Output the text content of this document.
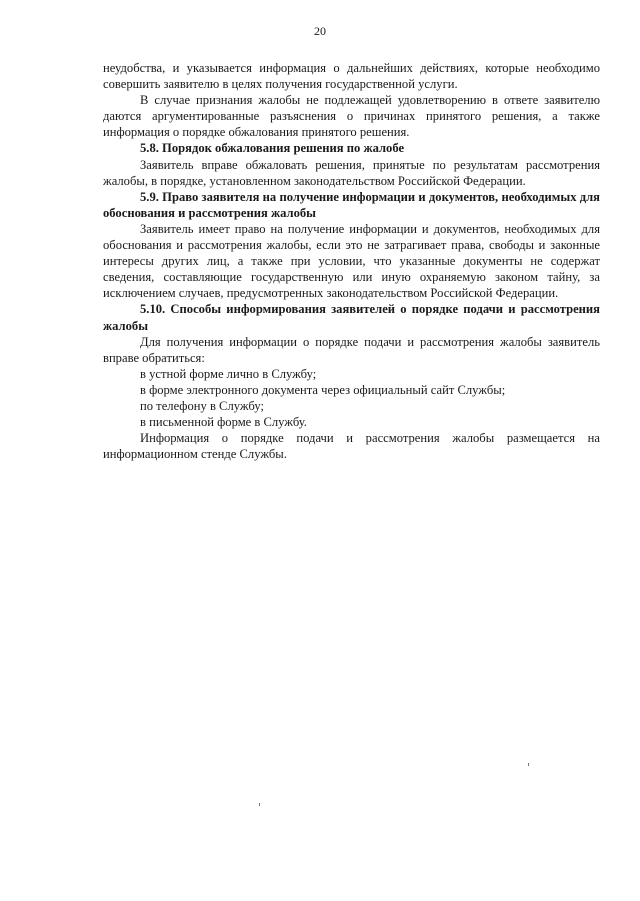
20

неудобства, и указывается информация о дальнейших действиях, которые необходимо совершить заявителю в целях получения государственной услуги.

В случае признания жалобы не подлежащей удовлетворению в ответе заявителю даются аргументированные разъяснения о причинах принятого решения, а также информация о порядке обжалования принятого решения.

5.8. Порядок обжалования решения по жалобе

Заявитель вправе обжаловать решения, принятые по результатам рассмотрения жалобы, в порядке, установленном законодательством Российской Федерации.

5.9. Право заявителя на получение информации и документов, необходимых для обоснования и рассмотрения жалобы

Заявитель имеет право на получение информации и документов, необходимых для обоснования и рассмотрения жалобы, если это не затрагивает права, свободы и законные интересы других лиц, а также при условии, что указанные документы не содержат сведения, составляющие государственную или иную охраняемую законом тайну, за исключением случаев, предусмотренных законодательством Российской Федерации.

5.10. Способы информирования заявителей о порядке подачи и рассмотрения жалобы

Для получения информации о порядке подачи и рассмотрения жалобы заявитель вправе обратиться:

в устной форме лично в Службу;

в форме электронного документа через официальный сайт Службы;

по телефону в Службу;

в письменной форме в Службу.

Информация о порядке подачи и рассмотрения жалобы размещается на информационном стенде Службы.
